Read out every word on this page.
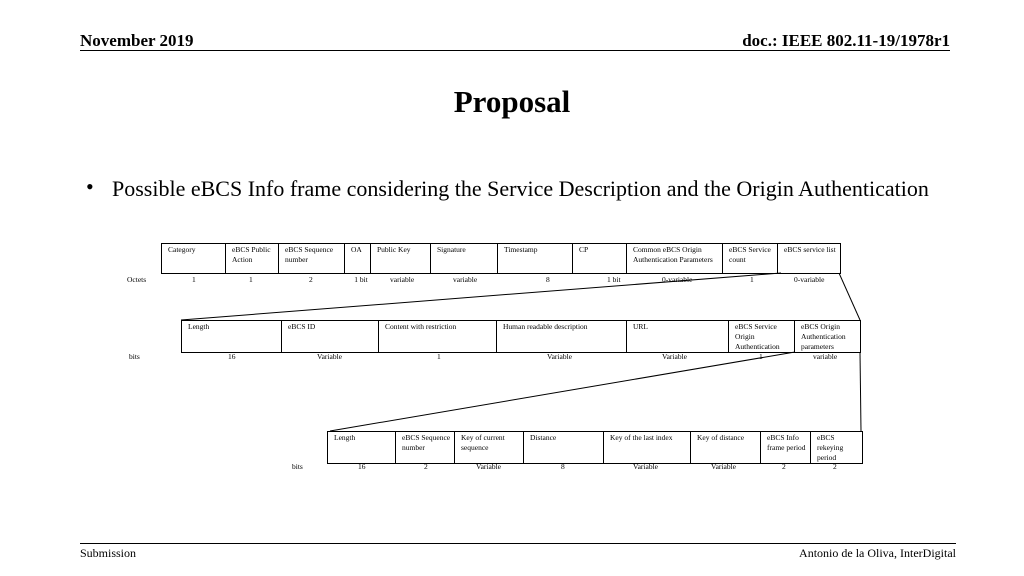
November 2019	doc.: IEEE 802.11-19/1978r1
Proposal
• Possible eBCS Info frame considering the Service Description and the Origin Authentication
Category	eBCS Public Action	eBCS Sequence number	OA	Public Key	Signature	Timestamp	CP	Common eBCS Origin Authentication Parameters	eBCS Service count	eBCS service list
Octets	1	1	2	1 bit	variable	variable	8	1 bit	0-variable	1	0-variable
Length	eBCS ID	Content with restriction	Human readable description	URL	eBCS Service Origin Authentication	eBCS Origin Authentication parameters
bits	16	Variable	1	Variable	Variable	1	variable
Length	eBCS Sequence number	Key of current sequence	Distance	Key of the last index	Key of distance	eBCS Info frame period	eBCS rekeying period
bits	16	2	Variable	8	Variable	Variable	2	2
Submission	Antonio de la Oliva, InterDigital
